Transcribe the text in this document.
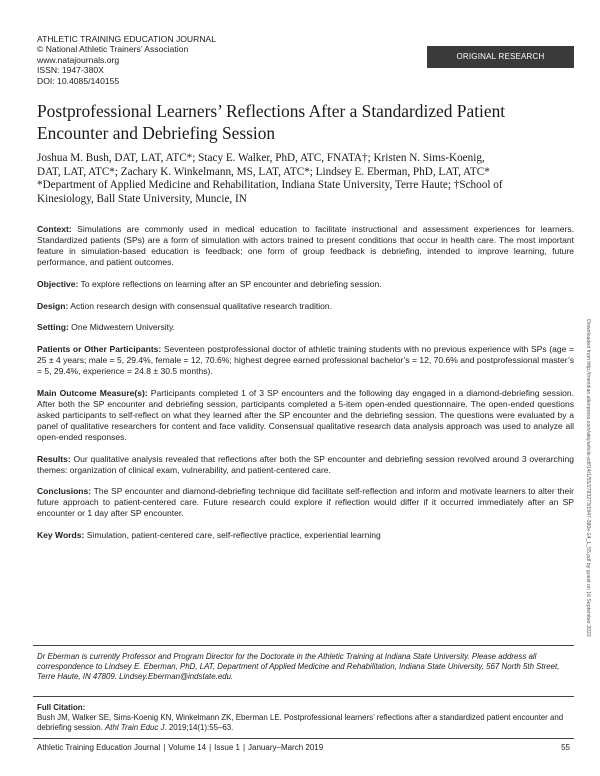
ATHLETIC TRAINING EDUCATION JOURNAL
© National Athletic Trainers’ Association
www.natajournals.org
ISSN: 1947-380X
DOI: 10.4085/140155
ORIGINAL RESEARCH
Postprofessional Learners’ Reflections After a Standardized Patient
Encounter and Debriefing Session
Joshua M. Bush, DAT, LAT, ATC*; Stacy E. Walker, PhD, ATC, FNATA†; Kristen N. Sims-Koenig,
DAT, LAT, ATC*; Zachary K. Winkelmann, MS, LAT, ATC*; Lindsey E. Eberman, PhD, LAT, ATC*
*Department of Applied Medicine and Rehabilitation, Indiana State University, Terre Haute; †School of
Kinesiology, Ball State University, Muncie, IN

Context: Simulations are commonly used in medical education to facilitate instructional and assessment experiences for learners. Standardized patients (SPs) are a form of simulation with actors trained to present conditions that occur in health care. The most important feature in simulation-based education is feedback; one form of group feedback is debriefing, intended to improve learning, future performance, and patient outcomes.

Objective: To explore reflections on learning after an SP encounter and debriefing session.

Design: Action research design with consensual qualitative research tradition.

Setting: One Midwestern University.

Patients or Other Participants: Seventeen postprofessional doctor of athletic training students with no previous experience with SPs (age = 25 ± 4 years; male = 5, 29.4%, female = 12, 70.6%; highest degree earned professional bachelor’s = 12, 70.6% and postprofessional master’s = 5, 29.4%, experience = 24.8 ± 30.5 months).

Main Outcome Measure(s): Participants completed 1 of 3 SP encounters and the following day engaged in a diamond-debriefing session. After both the SP encounter and debriefing session, participants completed a 5-item open-ended questionnaire. The open-ended questions asked participants to self-reflect on what they learned after the SP encounter and the debriefing session. The questions were evaluated by a panel of qualitative researchers for content and face validity. Consensual qualitative research data analysis approach was used to analyze all open-ended responses.

Results: Our qualitative analysis revealed that reflections after both the SP encounter and debriefing session revolved around 3 overarching themes: organization of clinical exam, vulnerability, and patient-centered care.

Conclusions: The SP encounter and diamond-debriefing technique did facilitate self-reflection and inform and motivate learners to alter their future approach to patient-centered care. Future research could explore if reflection would differ if it occurred immediately after an SP encounter or 1 day after SP encounter.

Key Words: Simulation, patient-centered care, self-reflective practice, experiential learning	Downloaded from http://meridian.allenpress.com/atej/article-pdf/14/1/55/2783273/1947-380x-14_1_55.pdf by guest on 16 September 2022
Dr Eberman is currently Professor and Program Director for the Doctorate in the Athletic Training at Indiana State University. Please address all correspondence to Lindsey E. Eberman, PhD, LAT, Department of Applied Medicine and Rehabilitation, Indiana State University, 567 North 5th Street, Terre Haute, IN 47809. Lindsey.Eberman@indstate.edu.
Full Citation:
Bush JM, Walker SE, Sims-Koenig KN, Winkelmann ZK, Eberman LE. Postprofessional learners’ reflections after a standardized patient encounter and debriefing session. Athl Train Educ J. 2019;14(1):55–63.
Athletic Training Education Journal | Volume 14 | Issue 1 | January–March 2019	55
